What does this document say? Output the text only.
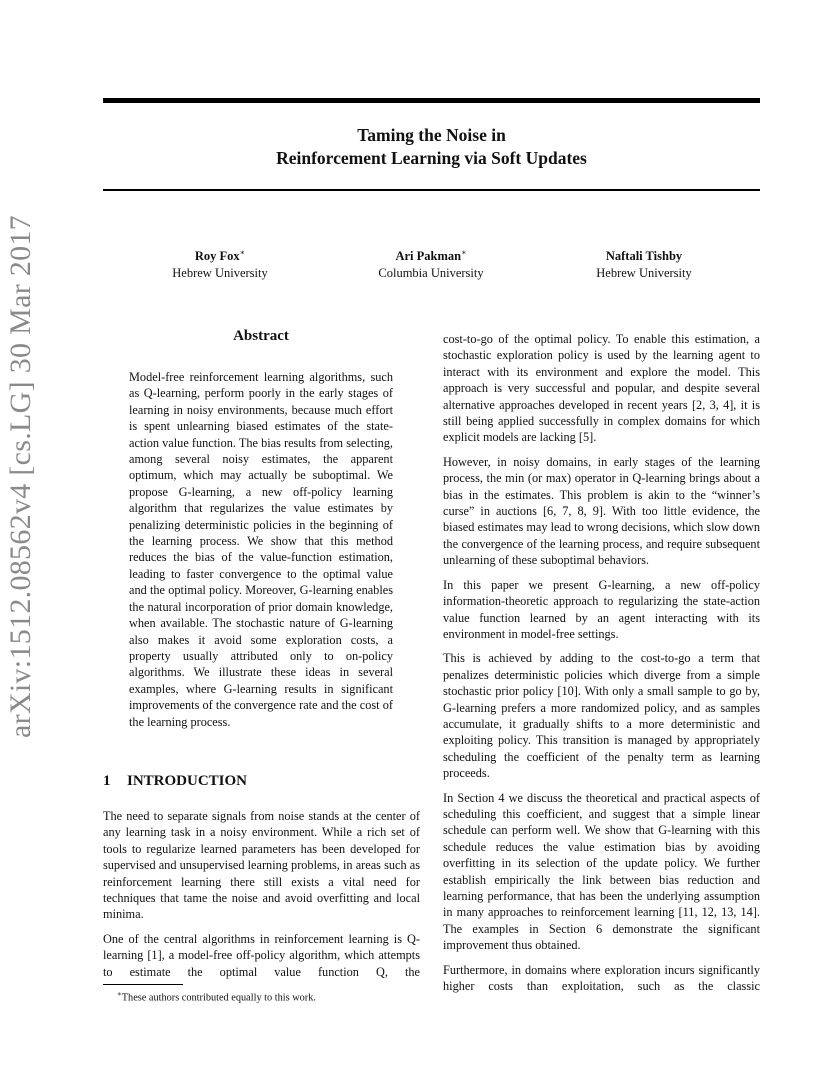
Taming the Noise in
Reinforcement Learning via Soft Updates
Roy Fox∗
Hebrew University
Ari Pakman∗
Columbia University
Naftali Tishby
Hebrew University
arXiv:1512.08562v4 [cs.LG] 30 Mar 2017	Abstract

Model-free reinforcement learning algorithms, such as Q-learning, perform poorly in the early stages of learning in noisy environments, because much effort is spent unlearning biased estimates of the state-action value function. The bias results from selecting, among several noisy estimates, the apparent optimum, which may actually be suboptimal. We propose G-learning, a new off-policy learning algorithm that regularizes the value estimates by penalizing deterministic policies in the beginning of the learning process. We show that this method reduces the bias of the value-function estimation, leading to faster convergence to the optimal value and the optimal policy. Moreover, G-learning enables the natural incorporation of prior domain knowledge, when available. The stochastic nature of G-learning also makes it avoid some exploration costs, a property usually attributed only to on-policy algorithms. We illustrate these ideas in several examples, where G-learning results in significant improvements of the convergence rate and the cost of the learning process.

1 INTRODUCTION

The need to separate signals from noise stands at the center of any learning task in a noisy environment. While a rich set of tools to regularize learned parameters has been developed for supervised and unsupervised learning problems, in areas such as reinforcement learning there still exists a vital need for techniques that tame the noise and avoid overfitting and local minima.

One of the central algorithms in reinforcement learning is Q-learning [1], a model-free off-policy algorithm, which attempts to estimate the optimal value function Q, the

cost-to-go of the optimal policy. To enable this estimation, a stochastic exploration policy is used by the learning agent to interact with its environment and explore the model. This approach is very successful and popular, and despite several alternative approaches developed in recent years [2, 3, 4], it is still being applied successfully in complex domains for which explicit models are lacking [5].

However, in noisy domains, in early stages of the learning process, the min (or max) operator in Q-learning brings about a bias in the estimates. This problem is akin to the “winner’s curse” in auctions [6, 7, 8, 9]. With too little evidence, the biased estimates may lead to wrong decisions, which slow down the convergence of the learning process, and require subsequent unlearning of these suboptimal behaviors.

In this paper we present G-learning, a new off-policy information-theoretic approach to regularizing the state-action value function learned by an agent interacting with its environment in model-free settings.

This is achieved by adding to the cost-to-go a term that penalizes deterministic policies which diverge from a simple stochastic prior policy [10]. With only a small sample to go by, G-learning prefers a more randomized policy, and as samples accumulate, it gradually shifts to a more deterministic and exploiting policy. This transition is managed by appropriately scheduling the coefficient of the penalty term as learning proceeds.

In Section 4 we discuss the theoretical and practical aspects of scheduling this coefficient, and suggest that a simple linear schedule can perform well. We show that G-learning with this schedule reduces the value estimation bias by avoiding overfitting in its selection of the update policy. We further establish empirically the link between bias reduction and learning performance, that has been the underlying assumption in many approaches to reinforcement learning [11, 12, 13, 14]. The examples in Section 6 demonstrate the significant improvement thus obtained.

Furthermore, in domains where exploration incurs significantly higher costs than exploitation, such as the classic

∗These authors contributed equally to this work.
